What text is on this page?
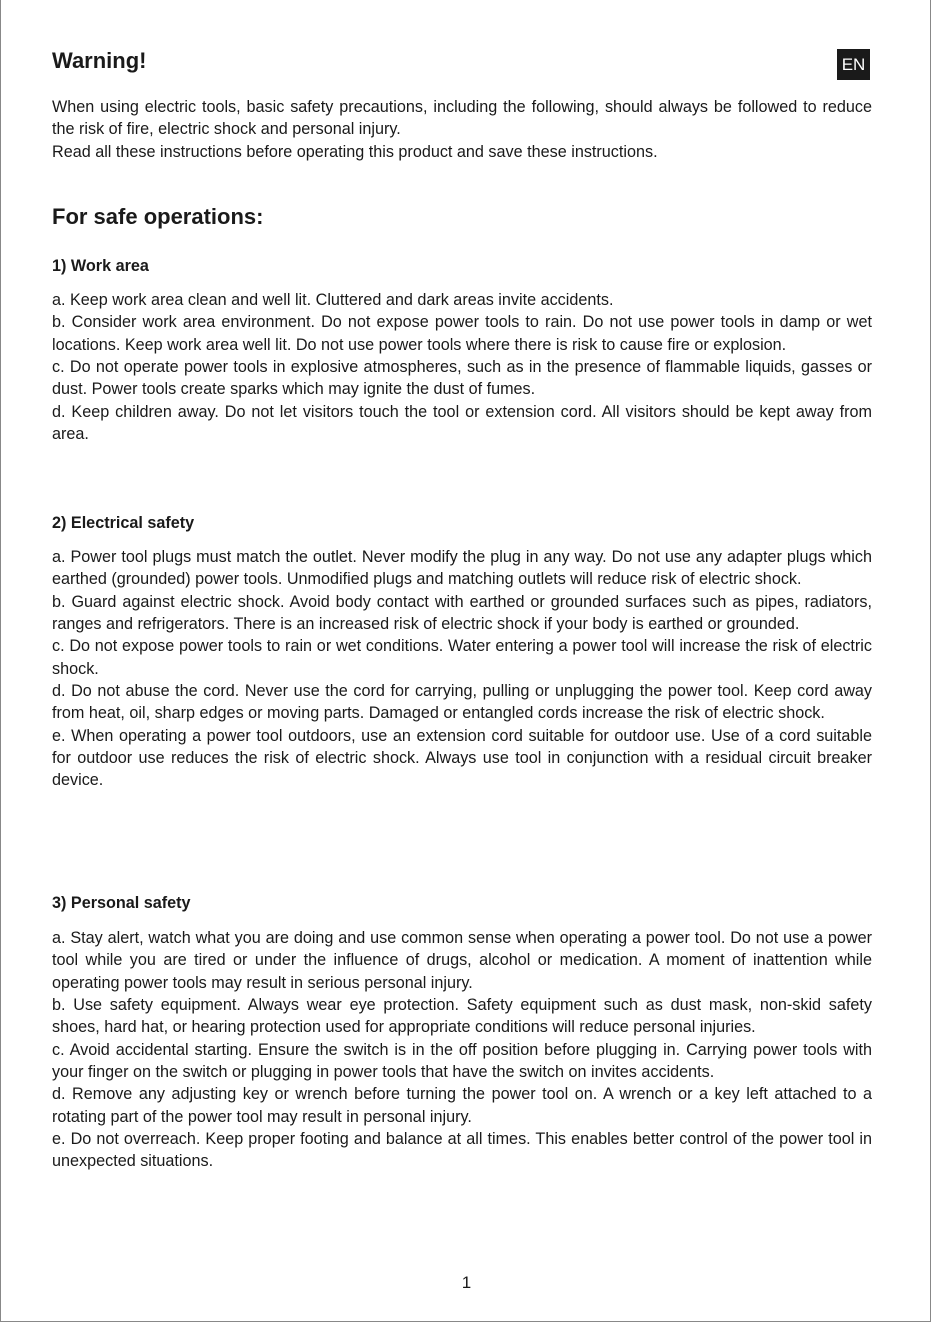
Warning!	EN

When using electric tools, basic safety precautions, including the following, should always be followed to reduce the risk of fire, electric shock and personal injury.

Read all these instructions before operating this product and save these instructions.

For safe operations:
1) Work area

a. Keep work area clean and well lit. Cluttered and dark areas invite accidents.

b. Consider work area environment. Do not expose power tools to rain. Do not use power tools in damp or wet locations. Keep work area well lit. Do not use power tools where there is risk to cause fire or explosion.

c. Do not operate power tools in explosive atmospheres, such as in the presence of flammable liquids, gasses or dust. Power tools create sparks which may ignite the dust of fumes.

d. Keep children away. Do not let visitors touch the tool or extension cord. All visitors should be kept away from area.

2) Electrical safety

a. Power tool plugs must match the outlet. Never modify the plug in any way. Do not use any adapter plugs which earthed (grounded) power tools. Unmodified plugs and matching outlets will reduce risk of electric shock.

b. Guard against electric shock. Avoid body contact with earthed or grounded surfaces such as pipes, radiators, ranges and refrigerators. There is an increased risk of electric shock if your body is earthed or grounded.

c. Do not expose power tools to rain or wet conditions. Water entering a power tool will increase the risk of electric shock.

d. Do not abuse the cord. Never use the cord for carrying, pulling or unplugging the power tool. Keep cord away from heat, oil, sharp edges or moving parts. Damaged or entangled cords increase the risk of electric shock.

e. When operating a power tool outdoors, use an extension cord suitable for outdoor use. Use of a cord suitable for outdoor use reduces the risk of electric shock. Always use tool in conjunction with a residual circuit breaker device.

3) Personal safety

a. Stay alert, watch what you are doing and use common sense when operating a power tool. Do not use a power tool while you are tired or under the influence of drugs, alcohol or medication. A moment of inattention while operating power tools may result in serious personal injury.

b. Use safety equipment. Always wear eye protection. Safety equipment such as dust mask, non-skid safety shoes, hard hat, or hearing protection used for appropriate conditions will reduce personal injuries.

c. Avoid accidental starting. Ensure the switch is in the off position before plugging in. Carrying power tools with your finger on the switch or plugging in power tools that have the switch on invites accidents.

d. Remove any adjusting key or wrench before turning the power tool on. A wrench or a key left attached to a rotating part of the power tool may result in personal injury.

e. Do not overreach. Keep proper footing and balance at all times. This enables better control of the power tool in unexpected situations.

1
